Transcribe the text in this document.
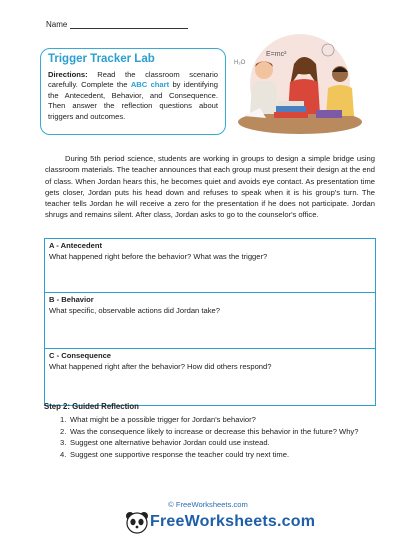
Name
Trigger Tracker Lab

Directions: Read the classroom scenario carefully. Complete the ABC chart by identifying the Antecedent, Behavior, and Consequence. Then answer the reflection questions about triggers and outcomes.

E=mc²
H₂O

During 5th period science, students are working in groups to design a simple bridge using classroom materials. The teacher announces that each group must present their design at the end of class. When Jordan hears this, he becomes quiet and avoids eye contact. As presentation time gets closer, Jordan puts his head down and refuses to speak when it is his group's turn. The teacher tells Jordan he will receive a zero for the presentation if he does not participate. Jordan shrugs and remains silent. After class, Jordan asks to go to the counselor's office.

A - Antecedent
What happened right before the behavior? What was the trigger?
B - Behavior
What specific, observable actions did Jordan take?
C - Consequence
What happened right after the behavior? How did others respond?
Step 2: Guided Reflection
1. What might be a possible trigger for Jordan's behavior?
2. Was the consequence likely to increase or decrease this behavior in the future? Why?
3. Suggest one alternative behavior Jordan could use instead.
4. Suggest one supportive response the teacher could try next time.
© FreeWorksheets.com
FreeWorksheets.com
